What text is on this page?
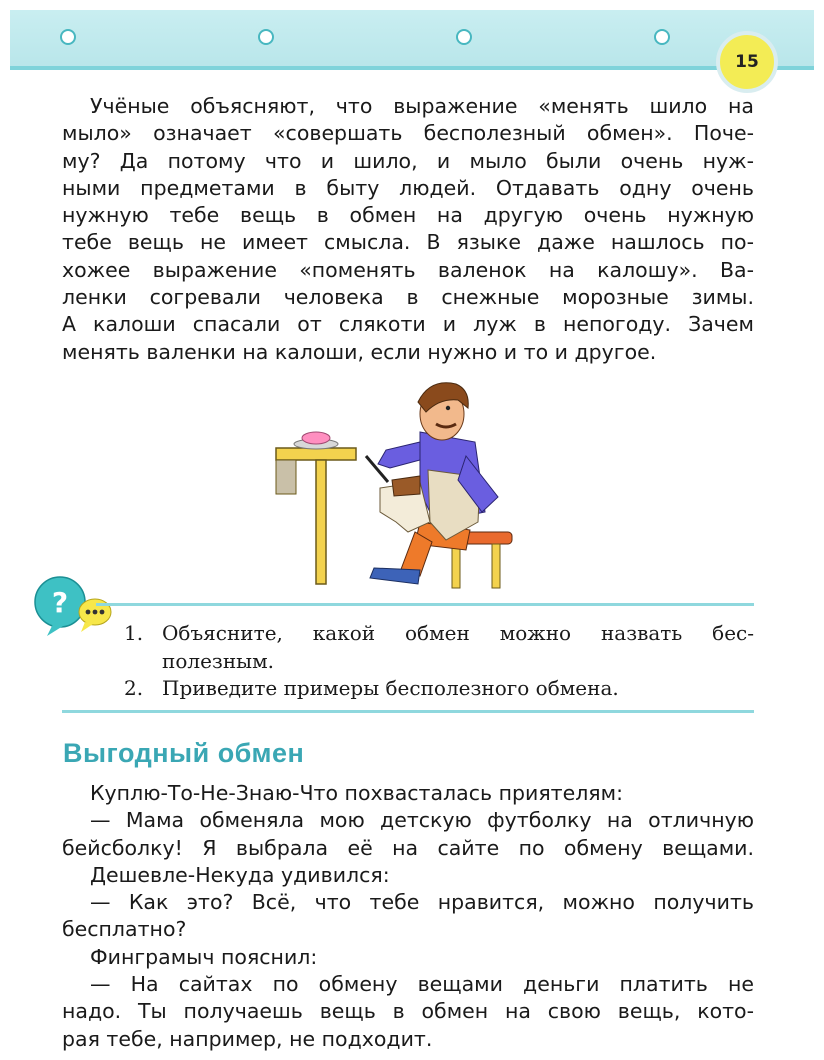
15
Учёные объясняют, что выражение «менять шило на
мыло» означает «совершать бесполезный обмен». Поче-
му? Да потому что и шило, и мыло были очень нуж-
ными предметами в быту людей. Отдавать одну очень
нужную тебе вещь в обмен на другую очень нужную
тебе вещь не имеет смысла. В языке даже нашлось по-
хожее выражение «поменять валенок на калошу». Ва-
ленки согревали человека в снежные морозные зимы.
А калоши спасали от слякоти и луж в непогоду. Зачем
менять валенки на калоши, если нужно и то и другое.
?
1. Объясните, какой обмен можно назвать бес-
полезным.
2. Приведите примеры бесполезного обмена.
Выгодный обмен
Куплю-То-Не-Знаю-Что похвасталась приятелям:
— Мама обменяла мою детскую футболку на отличную
бейсболку! Я выбрала её на сайте по обмену вещами.
Дешевле-Некуда удивился:
— Как это? Всё, что тебе нравится, можно получить
бесплатно?
Финграмыч пояснил:
— На сайтах по обмену вещами деньги платить не
надо. Ты получаешь вещь в обмен на свою вещь, кото-
рая тебе, например, не подходит.
